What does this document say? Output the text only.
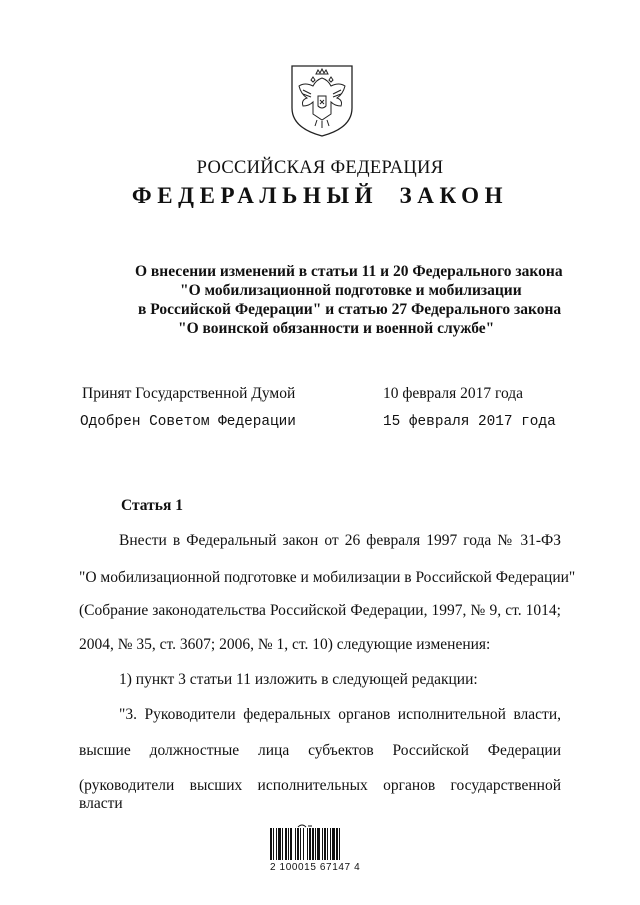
РОССИЙСКАЯ ФЕДЕРАЦИЯ
ФЕДЕРАЛЬНЫЙ ЗАКОН
О внесении изменений в статьи 11 и 20 Федерального закона
"О мобилизационной подготовке и мобилизации
в Российской Федерации" и статью 27 Федерального закона
"О воинской обязанности и военной службе"
Принят Государственной Думой	10 февраля 2017 года
Одобрен Советом Федерации	15 февраля 2017 года
Статья 1
Внести в Федеральный закон от 26 февраля 1997 года № 31-ФЗ
"О мобилизационной подготовке и мобилизации в Российской Федерации"
(Собрание законодательства Российской Федерации, 1997, № 9, ст. 1014;
2004, № 35, ст. 3607; 2006, № 1, ст. 10) следующие изменения:
1) пункт 3 статьи 11 изложить в следующей редакции:
"3. Руководители федеральных органов исполнительной власти,
высшие должностные лица субъектов Российской Федерации
(руководители высших исполнительных органов государственной власти
2 100015 67147 4
